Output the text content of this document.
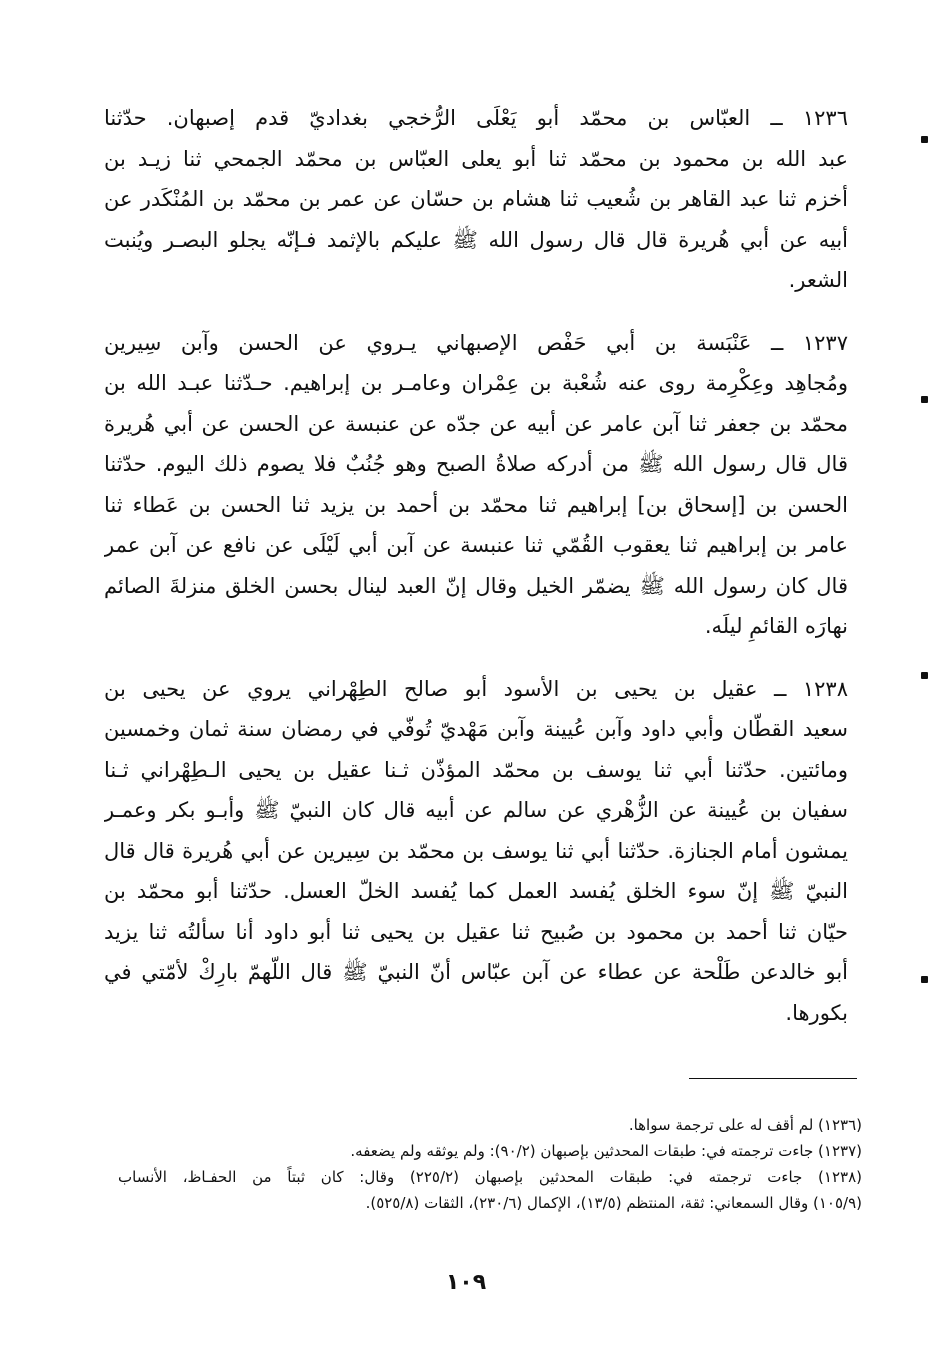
١٢٣٦ ــ العبّاس بن محمّد أبو يَعْلَى الرُّخجي بغداديّ قدم إصبهان. حدّثنا
عبد الله بن محمود بن محمّد ثنا أبو يعلى العبّاس بن محمّد الجمحي ثنا زيـد بن
أخزم ثنا عبد القاهر بن شُعيب ثنا هشام بن حسّان عن عمر بن محمّد بن المُنْكَدر عن
أبيه عن أبي هُريرة قال قال رسول الله ﷺ عليكم بالإثمد فـإنّه يجلو البصـر ويُنبت
الشعر.
١٢٣٧ ــ عَنْبَسة بن أبي حَفْص الإصبهاني يـروي عن الحسن وآبن سِيرين
ومُجاهِد وعِكْرِمة روى عنه شُعْبة بن عِمْران وعامـر بن إبراهيم. حـدّثنا عبـد الله بن
محمّد بن جعفر ثنا آبن عامر عن أبيه عن جدّه عن عنبسة عن الحسن عن أبي هُريرة
قال قال رسول الله ﷺ من أدركه صلاةُ الصبح وهو جُنُبٌ فلا يصوم ذلك اليوم. حدّثنا
الحسن بن [إسحاق بن] إبراهيم ثنا محمّد بن أحمد بن يزيد ثنا الحسن بن عَطاء ثنا
عامر بن إبراهيم ثنا يعقوب القُمّي ثنا عنبسة عن آبن أبي لَيْلَى عن نافع عن آبن عمر
قال كان رسول الله ﷺ يضمّر الخيل وقال إنّ العبد لينال بحسن الخلق منزلةَ الصائم
نهارَه القائمِ ليلَه.
١٢٣٨ ــ عقيل بن يحيى بن الأسود أبو صالح الطِهْراني يروي عن يحيى بن
سعيد القطّان وأبي داود وآبن عُيينة وآبن مَهْديّ تُوفّي في رمضان سنة ثمان وخمسين
ومائتين. حدّثنا أبي ثنا يوسف بن محمّد المؤذّن ثـنا عقيل بن يحيى الـطِهْراني ثـنا
سفيان بن عُيينة عن الزُّهْري عن سالم عن أبيه قال كان النبيّ ﷺ وأبـو بكر وعمـر
يمشون أمام الجنازة. حدّثنا أبي ثنا يوسف بن محمّد بن سِيرين عن أبي هُريرة قال قال
النبيّ ﷺ إنّ سوء الخلق يُفسد العمل كما يُفسد الخلّ العسل. حدّثنا أبو محمّد بن
حيّان ثنا أحمد بن محمود بن صُبيح ثنا عقيل بن يحيى ثنا أبو داود أنا سألتُه ثنا يزيد
أبو خالدعن طَلْحة عن عطاء عن آبن عبّاس أنّ النبيّ ﷺ قال اللّهمّ بارِكْ لأمّتي في
بكورها.
(١٢٣٦) لم أقف له على ترجمة سواها.
(١٢٣٧) جاءت ترجمته في: طبقات المحدثين بإصبهان (٩٠/٢): ولم يوثقه ولم يضعفه.
(١٢٣٨) جاءت ترجمته في: طبقات المحدثين بإصبهان (٢٢٥/٢) وقال: كان ثبتاً من الحفـاظ، الأنساب
(١٠٥/٩) وقال السمعاني: ثقة، المنتظم (١٣/٥)، الإكمال (٢٣٠/٦)، الثقات (٥٢٥/٨).
١٠٩
